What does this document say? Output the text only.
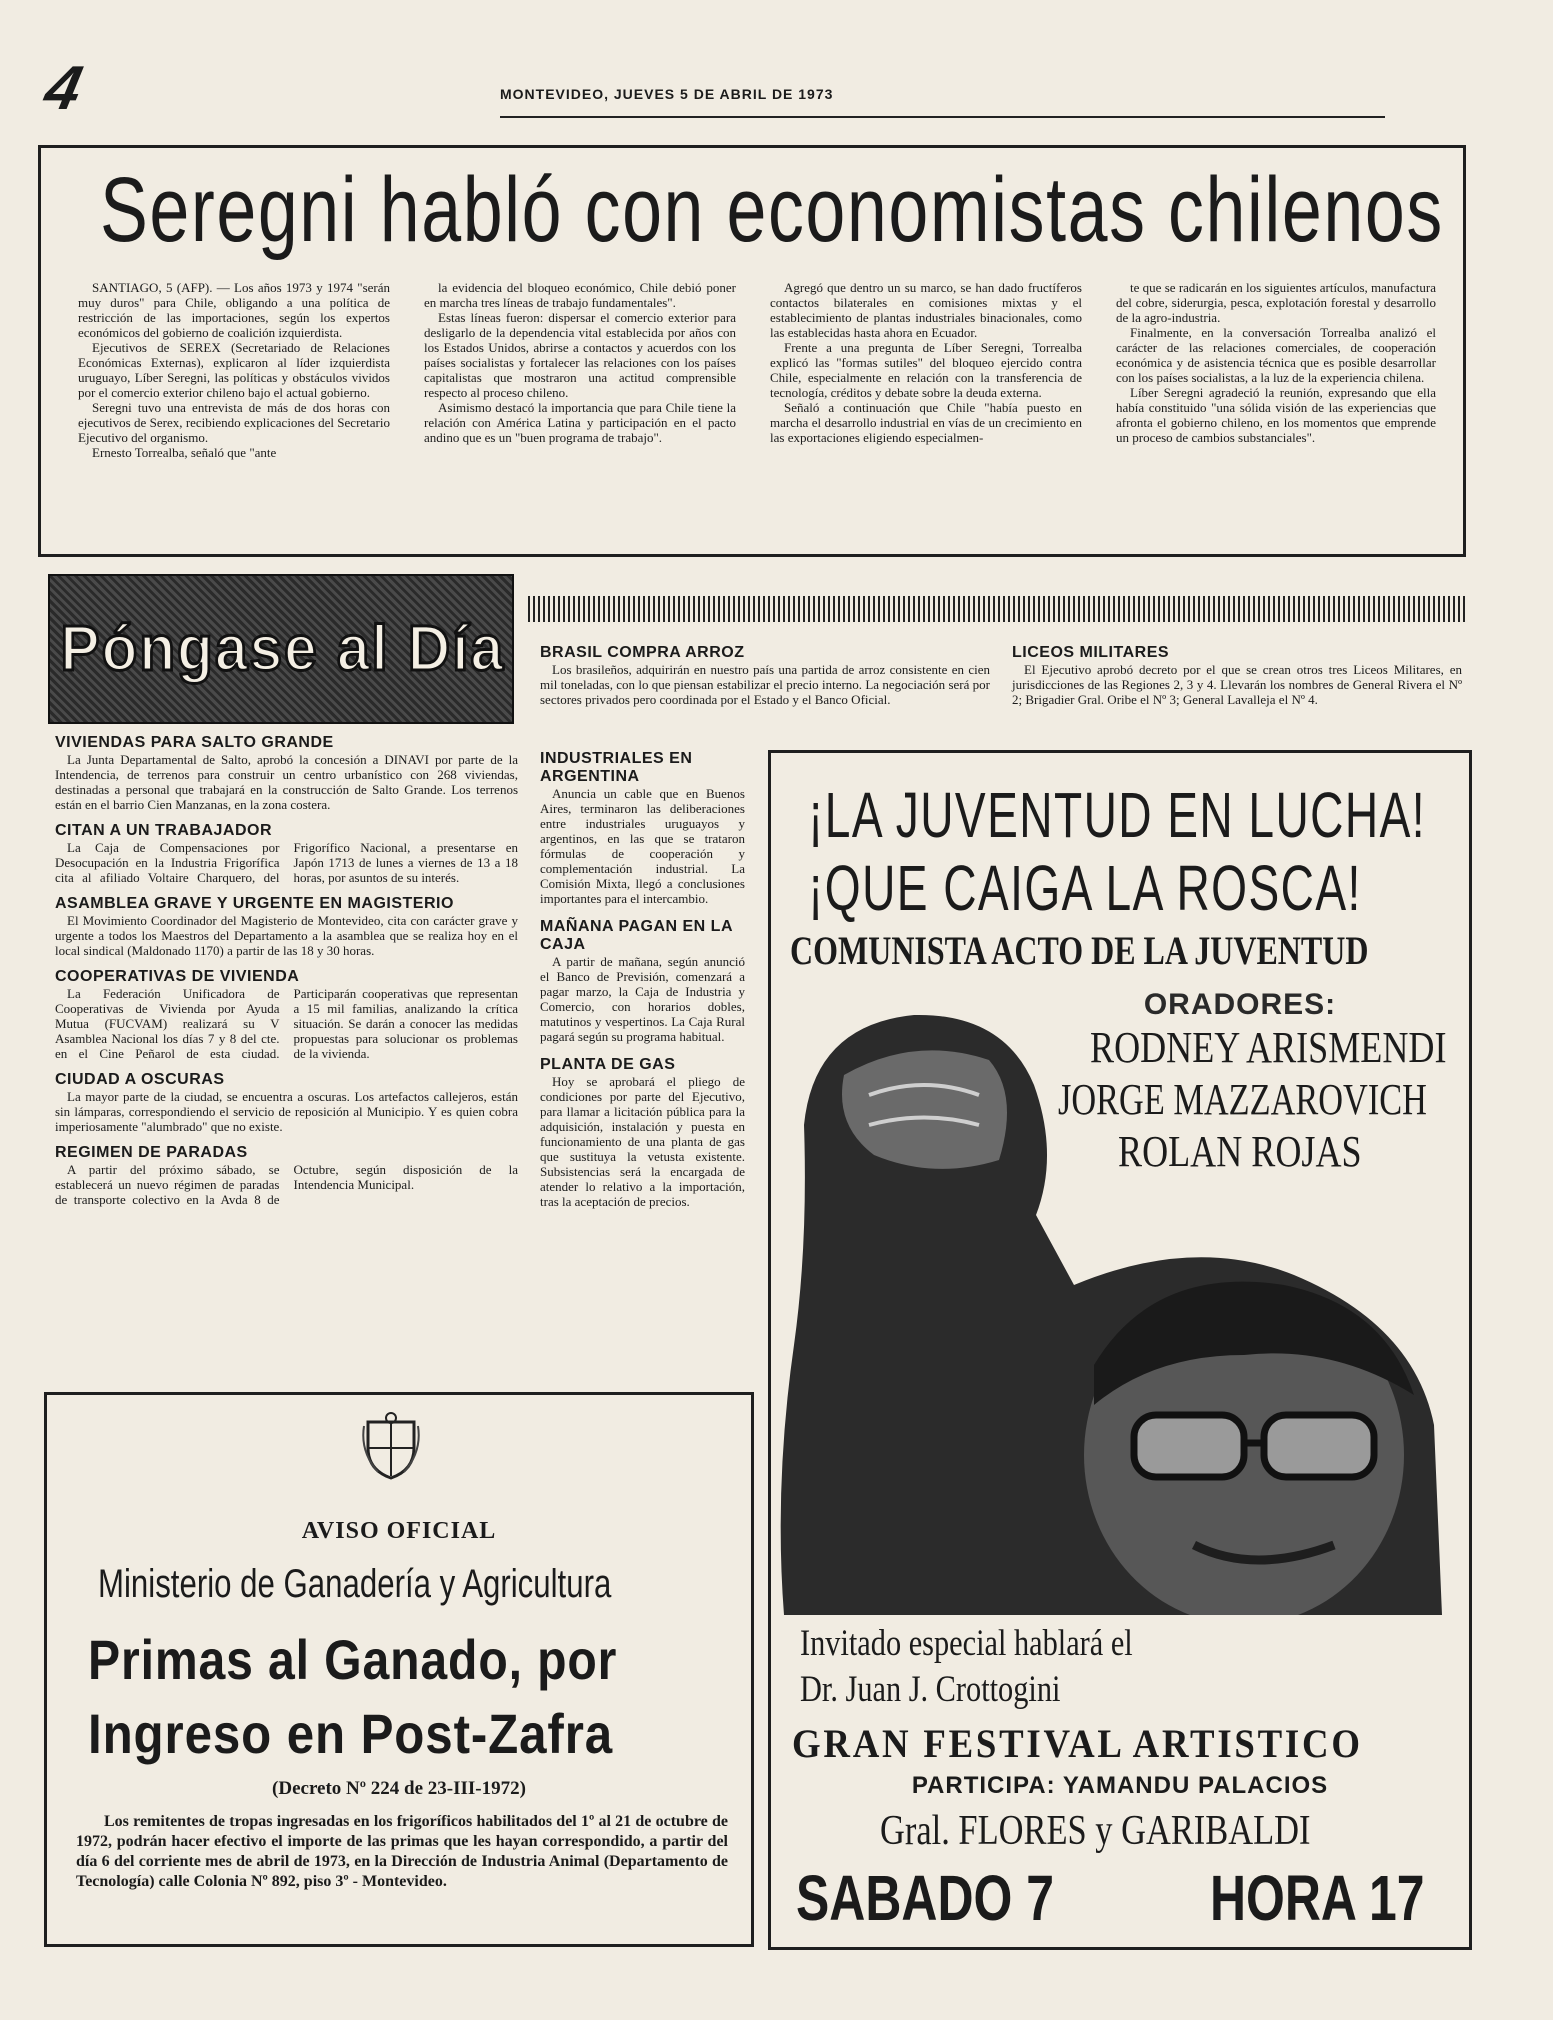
4	MONTEVIDEO, JUEVES 5 DE ABRIL DE 1973
Seregni habló con economistas chilenos

SANTIAGO, 5 (AFP). — Los años 1973 y 1974 "serán muy duros" para Chile, obligando a una política de restricción de las importaciones, según los expertos económicos del gobierno de coalición izquierdista.

Ejecutivos de SEREX (Secretariado de Relaciones Económicas Externas), explicaron al líder izquierdista uruguayo, Líber Seregni, las políticas y obstáculos vividos por el comercio exterior chileno bajo el actual gobierno.

Seregni tuvo una entrevista de más de dos horas con ejecutivos de Serex, recibiendo explicaciones del Secretario Ejecutivo del organismo.

Ernesto Torrealba, señaló que "ante

la evidencia del bloqueo económico, Chile debió poner en marcha tres líneas de trabajo fundamentales".

Estas líneas fueron: dispersar el comercio exterior para desligarlo de la dependencia vital establecida por años con los Estados Unidos, abrirse a contactos y acuerdos con los países socialistas y fortalecer las relaciones con los países capitalistas que mostraron una actitud comprensible respecto al proceso chileno.

Asimismo destacó la importancia que para Chile tiene la relación con América Latina y participación en el pacto andino que es un "buen programa de trabajo".

Agregó que dentro un su marco, se han dado fructíferos contactos bilaterales en comisiones mixtas y el establecimiento de plantas industriales binacionales, como las establecidas hasta ahora en Ecuador.

Frente a una pregunta de Líber Seregni, Torrealba explicó las "formas sutiles" del bloqueo ejercido contra Chile, especialmente en relación con la transferencia de tecnología, créditos y debate sobre la deuda externa.

Señaló a continuación que Chile "había puesto en marcha el desarrollo industrial en vías de un crecimiento en las exportaciones eligiendo especialmen-

te que se radicarán en los siguientes artículos, manufactura del cobre, siderurgia, pesca, explotación forestal y desarrollo de la agro-industria.

Finalmente, en la conversación Torrealba analizó el carácter de las relaciones comerciales, de cooperación económica y de asistencia técnica que es posible desarrollar con los países socialistas, a la luz de la experiencia chilena.

Líber Seregni agradeció la reunión, expresando que ella había constituido "una sólida visión de las experiencias que afronta el gobierno chileno, en los momentos que emprende un proceso de cambios substanciales".

Póngase al Día
VIVIENDAS PARA SALTO GRANDE

La Junta Departamental de Salto, aprobó la concesión a DINAVI por parte de la Intendencia, de terrenos para construir un centro urbanístico con 268 viviendas, destinadas a personal que trabajará en la construcción de Salto Grande. Los terrenos están en el barrio Cien Manzanas, en la zona costera.

CITAN A UN TRABAJADOR

La Caja de Compensaciones por Desocupación en la Industria Frigorífica cita al afiliado Voltaire Charquero, del Frigorífico Nacional, a presentarse en Japón 1713 de lunes a viernes de 13 a 18 horas, por asuntos de su interés.

ASAMBLEA GRAVE Y URGENTE EN MAGISTERIO

El Movimiento Coordinador del Magisterio de Montevideo, cita con carácter grave y urgente a todos los Maestros del Departamento a la asamblea que se realiza hoy en el local sindical (Maldonado 1170) a partir de las 18 y 30 horas.

COOPERATIVAS DE VIVIENDA

La Federación Unificadora de Cooperativas de Vivienda por Ayuda Mutua (FUCVAM) realizará su V Asamblea Nacional los días 7 y 8 del cte. en el Cine Peñarol de esta ciudad. Participarán cooperativas que representan a 15 mil familias, analizando la crítica situación. Se darán a conocer las medidas propuestas para solucionar os problemas de la vivienda.

CIUDAD A OSCURAS

La mayor parte de la ciudad, se encuentra a oscuras. Los artefactos callejeros, están sin lámparas, correspondiendo el servicio de reposición al Municipio. Y es quien cobra imperiosamente "alumbrado" que no existe.

REGIMEN DE PARADAS

A partir del próximo sábado, se establecerá un nuevo régimen de paradas de transporte colectivo en la Avda 8 de Octubre, según disposición de la Intendencia Municipal.

BRASIL COMPRA ARROZ

Los brasileños, adquirirán en nuestro país una partida de arroz consistente en cien mil toneladas, con lo que piensan estabilizar el precio interno. La negociación será por sectores privados pero coordinada por el Estado y el Banco Oficial.

LICEOS MILITARES

El Ejecutivo aprobó decreto por el que se crean otros tres Liceos Militares, en jurisdicciones de las Regiones 2, 3 y 4. Llevarán los nombres de General Rivera el Nº 2; Brigadier Gral. Oribe el Nº 3; General Lavalleja el Nº 4.

INDUSTRIALES EN ARGENTINA

Anuncia un cable que en Buenos Aires, terminaron las deliberaciones entre industriales uruguayos y argentinos, en las que se trataron fórmulas de cooperación y complementación industrial. La Comisión Mixta, llegó a conclusiones importantes para el intercambio.

MAÑANA PAGAN EN LA CAJA

A partir de mañana, según anunció el Banco de Previsión, comenzará a pagar marzo, la Caja de Industria y Comercio, con horarios dobles, matutinos y vespertinos. La Caja Rural pagará según su programa habitual.

PLANTA DE GAS

Hoy se aprobará el pliego de condiciones por parte del Ejecutivo, para llamar a licitación pública para la adquisición, instalación y puesta en funcionamiento de una planta de gas que sustituya la vetusta existente. Subsistencias será la encargada de atender lo relativo a la importación, tras la aceptación de precios.

AVISO OFICIAL
Ministerio de Ganadería y Agricultura
Primas al Ganado, por
Ingreso en Post-Zafra
(Decreto Nº 224 de 23-III-1972)
Los remitentes de tropas ingresadas en los frigoríficos habilitados del 1º al 21 de octubre de 1972, podrán hacer efectivo el importe de las primas que les hayan correspondido, a partir del día 6 del corriente mes de abril de 1973, en la Dirección de Industria Animal (Departamento de Tecnología) calle Colonia Nº 892, piso 3º - Montevideo.
¡LA JUVENTUD EN LUCHA!
¡QUE CAIGA LA ROSCA!
COMUNISTA ACTO DE LA JUVENTUD
ORADORES:
RODNEY ARISMENDI
JORGE MAZZAROVICH
ROLAN ROJAS
Invitado especial hablará el
Dr. Juan J. Crottogini
GRAN FESTIVAL ARTISTICO
PARTICIPA: YAMANDU PALACIOS
Gral. FLORES y GARIBALDI
SABADO 7 HORA 17
